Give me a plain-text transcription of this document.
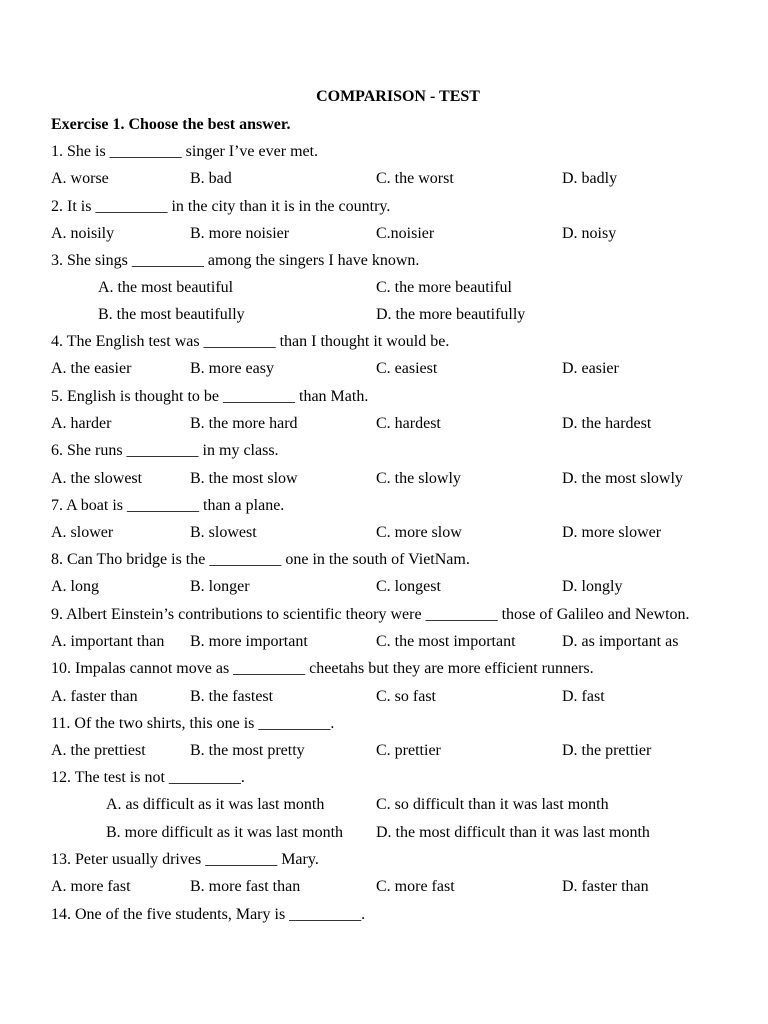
COMPARISON - TEST
Exercise 1. Choose the best answer.
1. She is _________ singer I’ve ever met.
A. worse	B. bad	C. the worst	D. badly
2. It is _________ in the city than it is in the country.
A. noisily	B. more noisier	C.noisier	D. noisy
3. She sings _________ among the singers I have known.
A. the most beautiful	C. the more beautiful
B. the most beautifully	D. the more beautifully
4. The English test was _________ than I thought it would be.
A. the easier	B. more easy	C. easiest	D. easier
5. English is thought to be _________ than Math.
A. harder	B. the more hard	C. hardest	D. the hardest
6. She runs _________ in my class.
A. the slowest	B. the most slow	C. the slowly	D. the most slowly
7. A boat is _________ than a plane.
A. slower	B. slowest	C. more slow	D. more slower
8. Can Tho bridge is the _________ one in the south of VietNam.
A. long	B. longer	C. longest	D. longly
9. Albert Einstein’s contributions to scientific theory were _________ those of Galileo and Newton.
A. important than B. more important	C. the most important	D. as important as
10. Impalas cannot move as _________ cheetahs but they are more efficient runners.
A. faster than	B. the fastest	C. so fast	D. fast
11. Of the two shirts, this one is _________.
A. the prettiest	B. the most pretty	C. prettier	D. the prettier
12. The test is not _________.
A. as difficult as it was last month	C. so difficult than it was last month
B. more difficult as it was last month D. the most difficult than it was last month
13. Peter usually drives _________ Mary.
A. more fast	B. more fast than	C. more fast	D. faster than
14. One of the five students, Mary is _________.
